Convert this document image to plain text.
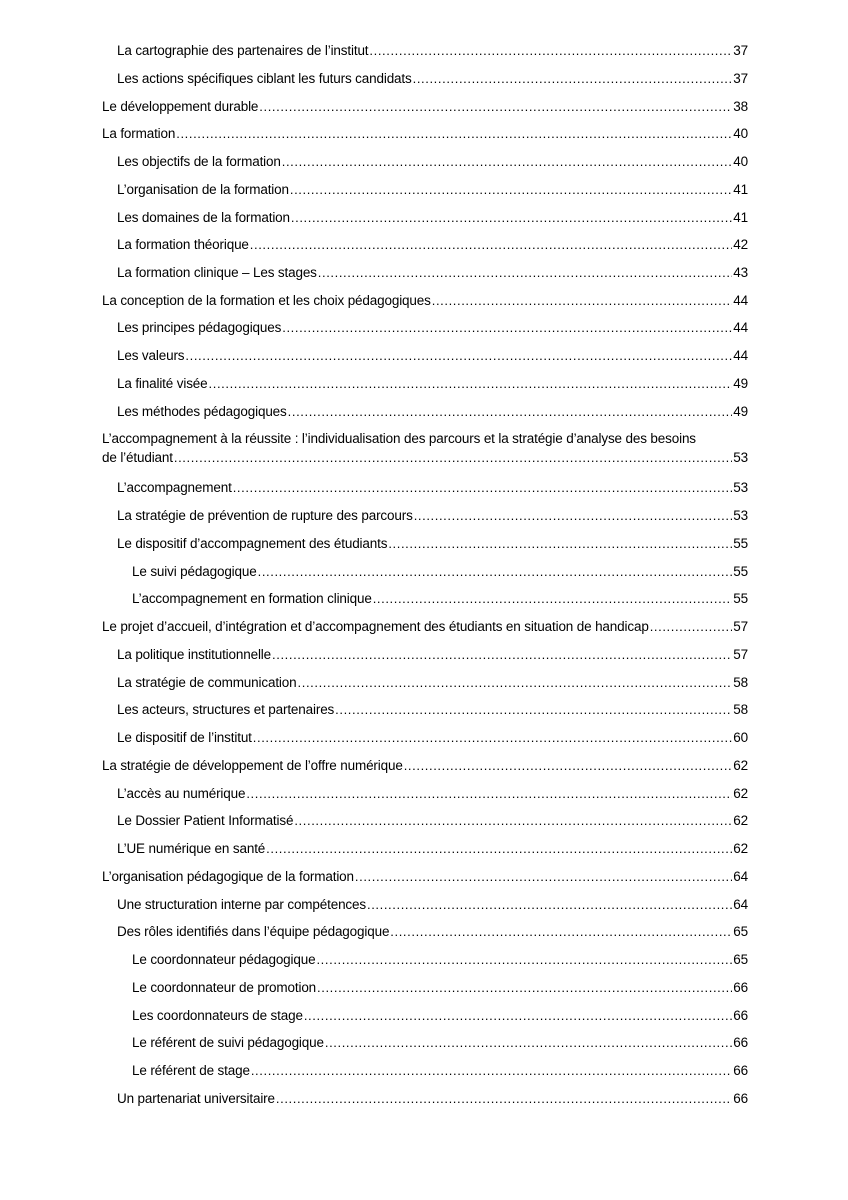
La cartographie des partenaires de l’institut .....	37
Les actions spécifiques ciblant les futurs candidats .....	37
Le développement durable .....	38
La formation .....	40
Les objectifs de la formation .....	40
L’organisation de la formation .....	41
Les domaines de la formation .....	41
La formation théorique .....	42
La formation clinique – Les stages .....	43
La conception de la formation et les choix pédagogiques .....	44
Les principes pédagogiques .....	44
Les valeurs .....	44
La finalité visée .....	49
Les méthodes pédagogiques .....	49
L’accompagnement à la réussite : l’individualisation des parcours et la stratégie d’analyse des besoins
de l’étudiant .....	53
L’accompagnement .....	53
La stratégie de prévention de rupture des parcours .....	53
Le dispositif d’accompagnement des étudiants .....	55
Le suivi pédagogique .....	55
L’accompagnement en formation clinique .....	55
Le projet d’accueil, d’intégration et d’accompagnement des étudiants en situation de handicap .....	57
La politique institutionnelle .....	57
La stratégie de communication .....	58
Les acteurs, structures et partenaires .....	58
Le dispositif de l’institut .....	60
La stratégie de développement de l’offre numérique .....	62
L’accès au numérique .....	62
Le Dossier Patient Informatisé .....	62
L’UE numérique en santé .....	62
L’organisation pédagogique de la formation .....	64
Une structuration interne par compétences .....	64
Des rôles identifiés dans l’équipe pédagogique .....	65
Le coordonnateur pédagogique .....	65
Le coordonnateur de promotion .....	66
Les coordonnateurs de stage .....	66
Le référent de suivi pédagogique .....	66
Le référent de stage .....	66
Un partenariat universitaire .....	66
